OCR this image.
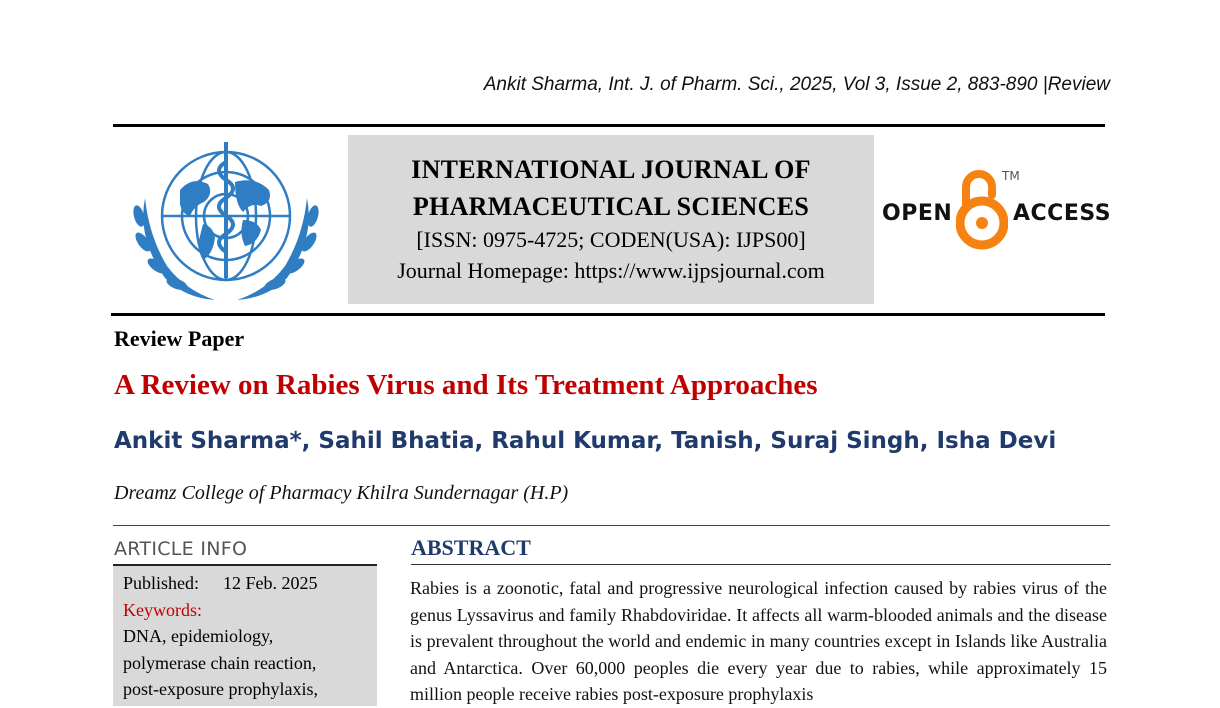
Ankit Sharma, Int. J. of Pharm. Sci., 2025, Vol 3, Issue 2, 883-890 |Review
INTERNATIONAL JOURNAL OF
PHARMACEUTICAL SCIENCES
[ISSN: 0975-4725; CODEN(USA): IJPS00]
Journal Homepage: https://www.ijpsjournal.com
OPEN
TM
ACCESS
Review Paper
A Review on Rabies Virus and Its Treatment Approaches
Ankit Sharma*, Sahil Bhatia, Rahul Kumar, Tanish, Suraj Singh, Isha Devi
Dreamz College of Pharmacy Khilra Sundernagar (H.P)
ARTICLE INFO
Published: 12 Feb. 2025
Keywords:
DNA, epidemiology,
polymerase chain reaction,
post-exposure prophylaxis,
ABSTRACT
Rabies is a zoonotic, fatal and progressive neurological infection caused by rabies virus of the genus Lyssavirus and family Rhabdoviridae. It affects all warm-blooded animals and the disease is prevalent throughout the world and endemic in many countries except in Islands like Australia and Antarctica. Over 60,000 peoples die every year due to rabies, while approximately 15 million people receive rabies post-exposure prophylaxis
